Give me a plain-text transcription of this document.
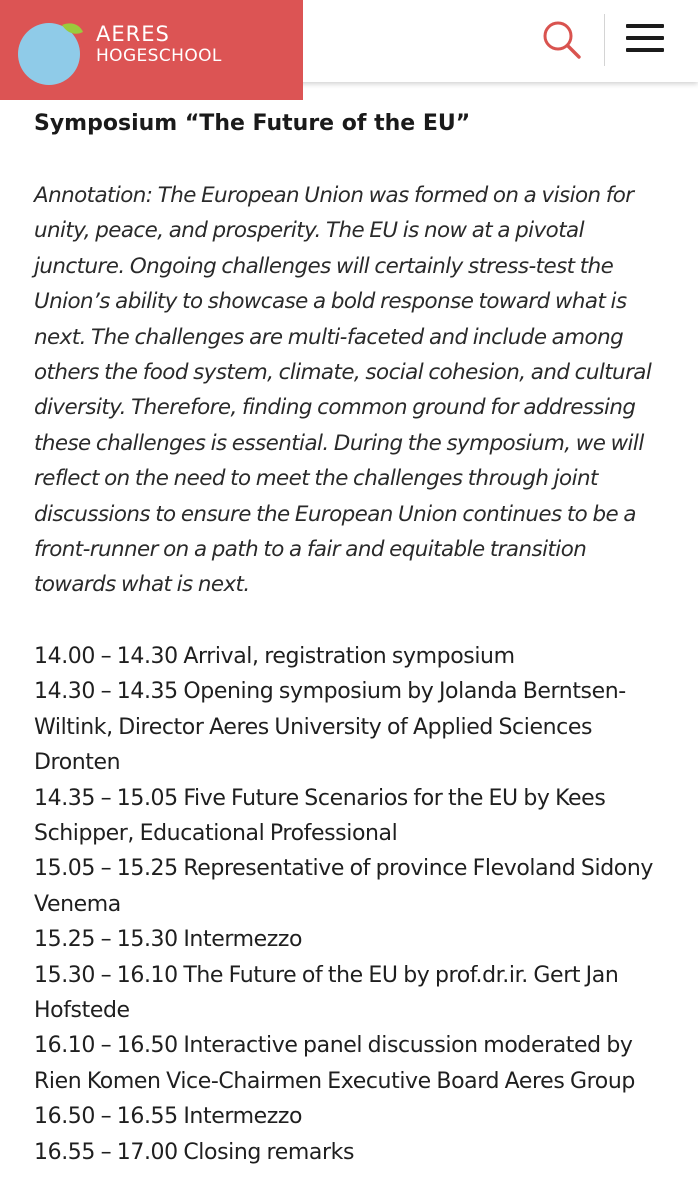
AERES
HOGESCHOOL
Symposium “The Future of the EU”

Annotation: The European Union was formed on a vision for unity, peace, and prosperity. The EU is now at a pivotal juncture. Ongoing challenges will certainly stress-test the Union’s ability to showcase a bold response toward what is next. The challenges are multi-faceted and include among others the food system, climate, social cohesion, and cultural diversity. Therefore, finding common ground for addressing these challenges is essential. During the symposium, we will reflect on the need to meet the challenges through joint discussions to ensure the European Union continues to be a front-runner on a path to a fair and equitable transition towards what is next.

14.00 – 14.30 Arrival, registration symposium
14.30 – 14.35 Opening symposium by Jolanda Berntsen-Wiltink, Director Aeres University of Applied Sciences Dronten
14.35 – 15.05 Five Future Scenarios for the EU by Kees Schipper, Educational Professional
15.05 – 15.25 Representative of province Flevoland Sidony Venema
15.25 – 15.30 Intermezzo
15.30 – 16.10 The Future of the EU by prof.dr.ir. Gert Jan Hofstede
16.10 – 16.50 Interactive panel discussion moderated by Rien Komen Vice-Chairmen Executive Board Aeres Group
16.50 – 16.55 Intermezzo
16.55 – 17.00 Closing remarks
